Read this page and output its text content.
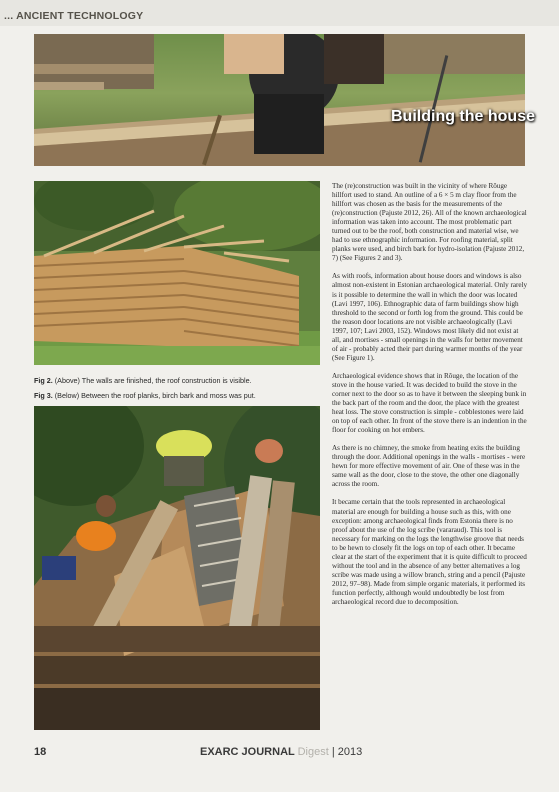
... ANCIENT TECHNOLOGY
Building the house
Fig 2. (Above) The walls are finished, the roof construction is visible.
Fig 3. (Below) Between the roof planks, birch bark and moss was put.

The (re)construction was built in the vicinity of where Rõuge hillfort used to stand. An outline of a 6 × 5 m clay floor from the hillfort was chosen as the basis for the measurements of the (re)construction (Pajuste 2012, 26). All of the known archaeological information was taken into account. The most problematic part turned out to be the roof, both construction and material wise, we had to use ethnographic information. For roofing material, split planks were used, and birch bark for hydro-isolation (Pajuste 2012, 7) (See Figures 2 and 3).

As with roofs, information about house doors and windows is also almost non-existent in Estonian archaeological material. Only rarely is it possible to determine the wall in which the door was located (Lavi 1997, 106). Ethnographic data of farm buildings show high threshold to the second or forth log from the ground. This could be the reason door locations are not visible archaeologically (Lavi 1997, 107; Lavi 2003, 152). Windows most likely did not exist at all, and mortises - small openings in the walls for better movement of air - probably acted their part during warmer months of the year (See Figure 1).

Archaeological evidence shows that in Rõuge, the location of the stove in the house varied. It was decided to build the stove in the corner next to the door so as to have it between the sleeping bunk in the back part of the room and the door, the place with the greatest heat loss. The stove construction is simple - cobblestones were laid on top of each other. In front of the stove there is an indention in the floor for cooking on hot embers.

As there is no chimney, the smoke from heating exits the building through the door. Additional openings in the walls - mortises - were hewn for more effective movement of air. One of these was in the same wall as the door, close to the stove, the other one diagonally across the room.

It became certain that the tools represented in archaeological material are enough for building a house such as this, with one exception: among archaeological finds from Estonia there is no proof about the use of the log scribe (vararaud). This tool is necessary for marking on the logs the lengthwise groove that needs to be hewn to closely fit the logs on top of each other. It became clear at the start of the experiment that it is quite difficult to proceed without the tool and in the absence of any better alternatives a log scribe was made using a willow branch, string and a pencil (Pajuste 2012, 97–98). Made from simple organic materials, it performed its function perfectly, although would undoubtedly be lost from archaeological record due to decomposition.

18	EXARC JOURNAL Digest | 2013
